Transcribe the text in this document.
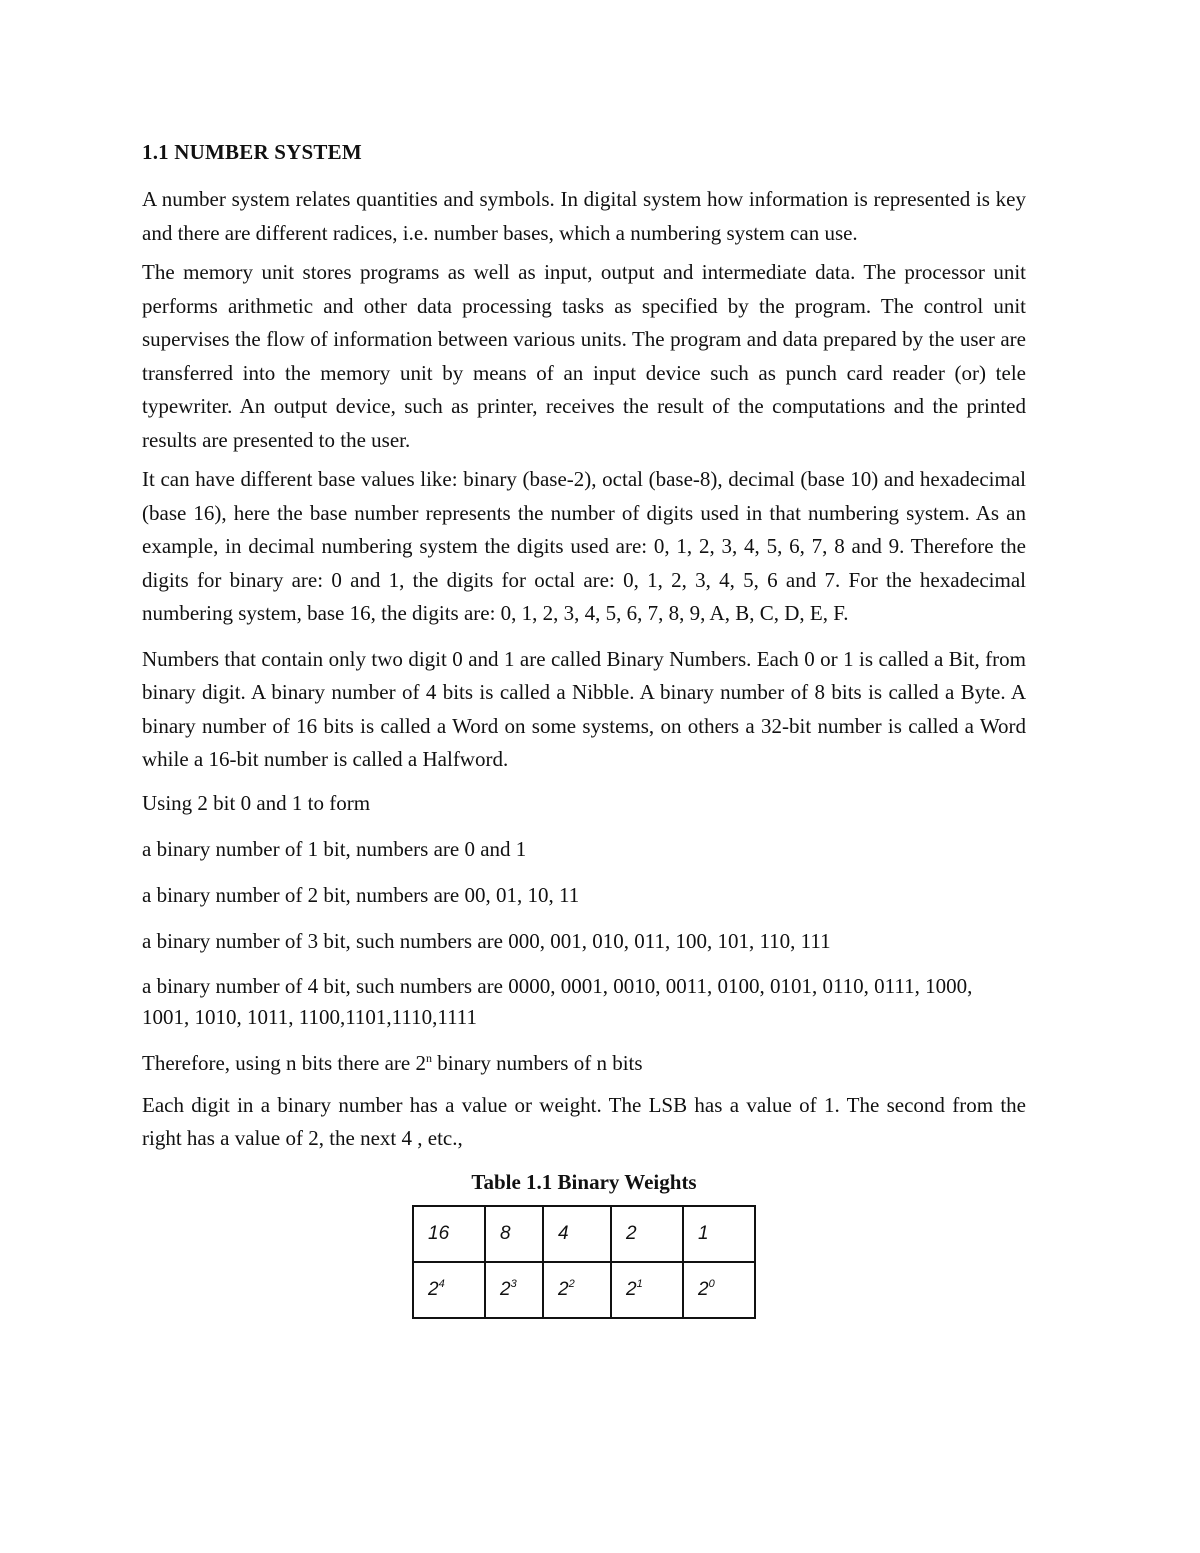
1.1 NUMBER SYSTEM

A number system relates quantities and symbols. In digital system how information is represented is key and there are different radices, i.e. number bases, which a numbering system can use.

The memory unit stores programs as well as input, output and intermediate data. The processor unit performs arithmetic and other data processing tasks as specified by the program. The control unit supervises the flow of information between various units. The program and data prepared by the user are transferred into the memory unit by means of an input device such as punch card reader (or) tele typewriter. An output device, such as printer, receives the result of the computations and the printed results are presented to the user.

It can have different base values like: binary (base-2), octal (base-8), decimal (base 10) and hexadecimal (base 16), here the base number represents the number of digits used in that numbering system. As an example, in decimal numbering system the digits used are: 0, 1, 2, 3, 4, 5, 6, 7, 8 and 9. Therefore the digits for binary are: 0 and 1, the digits for octal are: 0, 1, 2, 3, 4, 5, 6 and 7. For the hexadecimal numbering system, base 16, the digits are: 0, 1, 2, 3, 4, 5, 6, 7, 8, 9, A, B, C, D, E, F.

Numbers that contain only two digit 0 and 1 are called Binary Numbers. Each 0 or 1 is called a Bit, from binary digit. A binary number of 4 bits is called a Nibble. A binary number of 8 bits is called a Byte. A binary number of 16 bits is called a Word on some systems, on others a 32-bit number is called a Word while a 16-bit number is called a Halfword.

Using 2 bit 0 and 1 to form
a binary number of 1 bit, numbers are 0 and 1
a binary number of 2 bit, numbers are 00, 01, 10, 11
a binary number of 3 bit, such numbers are 000, 001, 010, 011, 100, 101, 110, 111
a binary number of 4 bit, such numbers are 0000, 0001, 0010, 0011, 0100, 0101, 0110, 0111, 1000,
1001, 1010, 1011, 1100,1101,1110,1111
Therefore, using n bits there are 2$^n$ binary numbers of n bits

Each digit in a binary number has a value or weight. The LSB has a value of 1. The second from the right has a value of 2, the next 4 , etc.,

Table 1.1 Binary Weights
16	8	4	2	1
$2^4$	$2^3$	$2^2$	$2^1$	$2^0$
